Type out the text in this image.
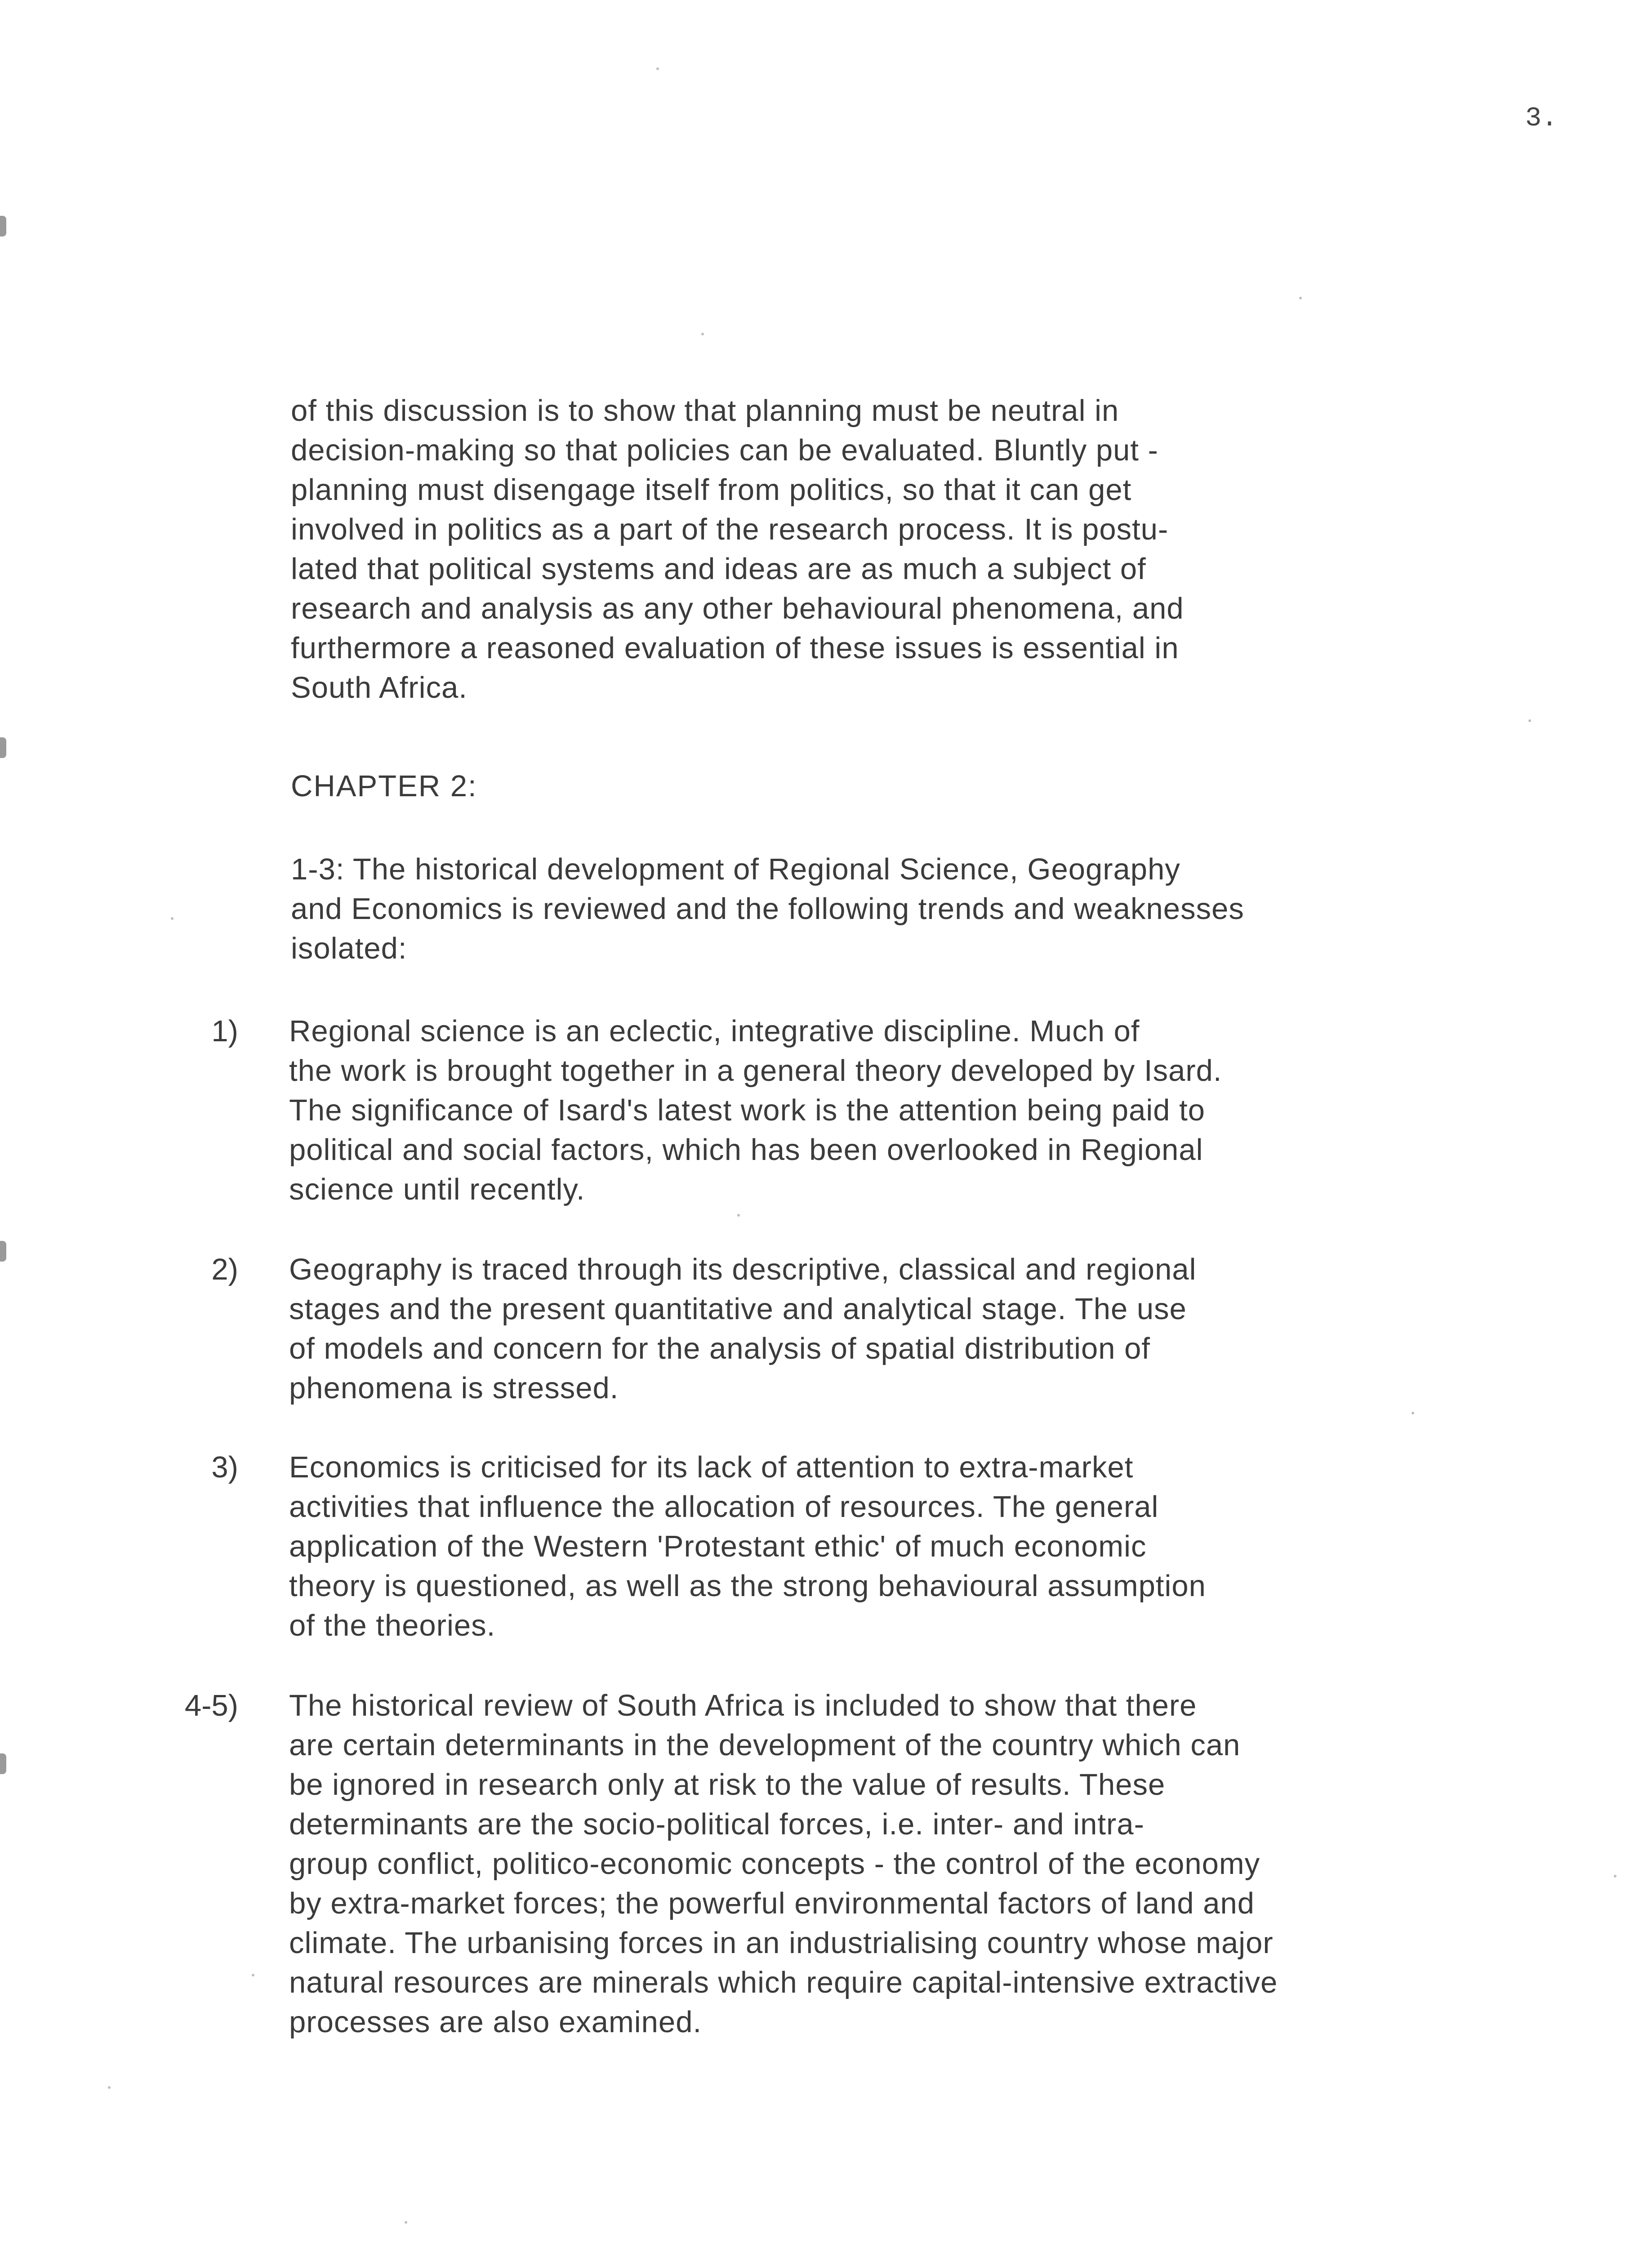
3.
of this discussion is to show that planning must be neutral in
decision-making so that policies can be evaluated. Bluntly put -
planning must disengage itself from politics, so that it can get
involved in politics as a part of the research process. It is postu-
lated that political systems and ideas are as much a subject of
research and analysis as any other behavioural phenomena, and
furthermore a reasoned evaluation of these issues is essential in
South Africa.
CHAPTER 2:
1-3: The historical development of Regional Science, Geography
and Economics is reviewed and the following trends and weaknesses
isolated:
1) Regional science is an eclectic, integrative discipline. Much of
the work is brought together in a general theory developed by Isard.
The significance of Isard's latest work is the attention being paid to
political and social factors, which has been overlooked in Regional
science until recently.
2) Geography is traced through its descriptive, classical and regional
stages and the present quantitative and analytical stage. The use
of models and concern for the analysis of spatial distribution of
phenomena is stressed.
3) Economics is criticised for its lack of attention to extra-market
activities that influence the allocation of resources. The general
application of the Western 'Protestant ethic' of much economic
theory is questioned, as well as the strong behavioural assumption
of the theories.
4-5) The historical review of South Africa is included to show that there
are certain determinants in the development of the country which can
be ignored in research only at risk to the value of results. These
determinants are the socio-political forces, i.e. inter- and intra-
group conflict, politico-economic concepts - the control of the economy
by extra-market forces; the powerful environmental factors of land and
climate. The urbanising forces in an industrialising country whose major
natural resources are minerals which require capital-intensive extractive
processes are also examined.
